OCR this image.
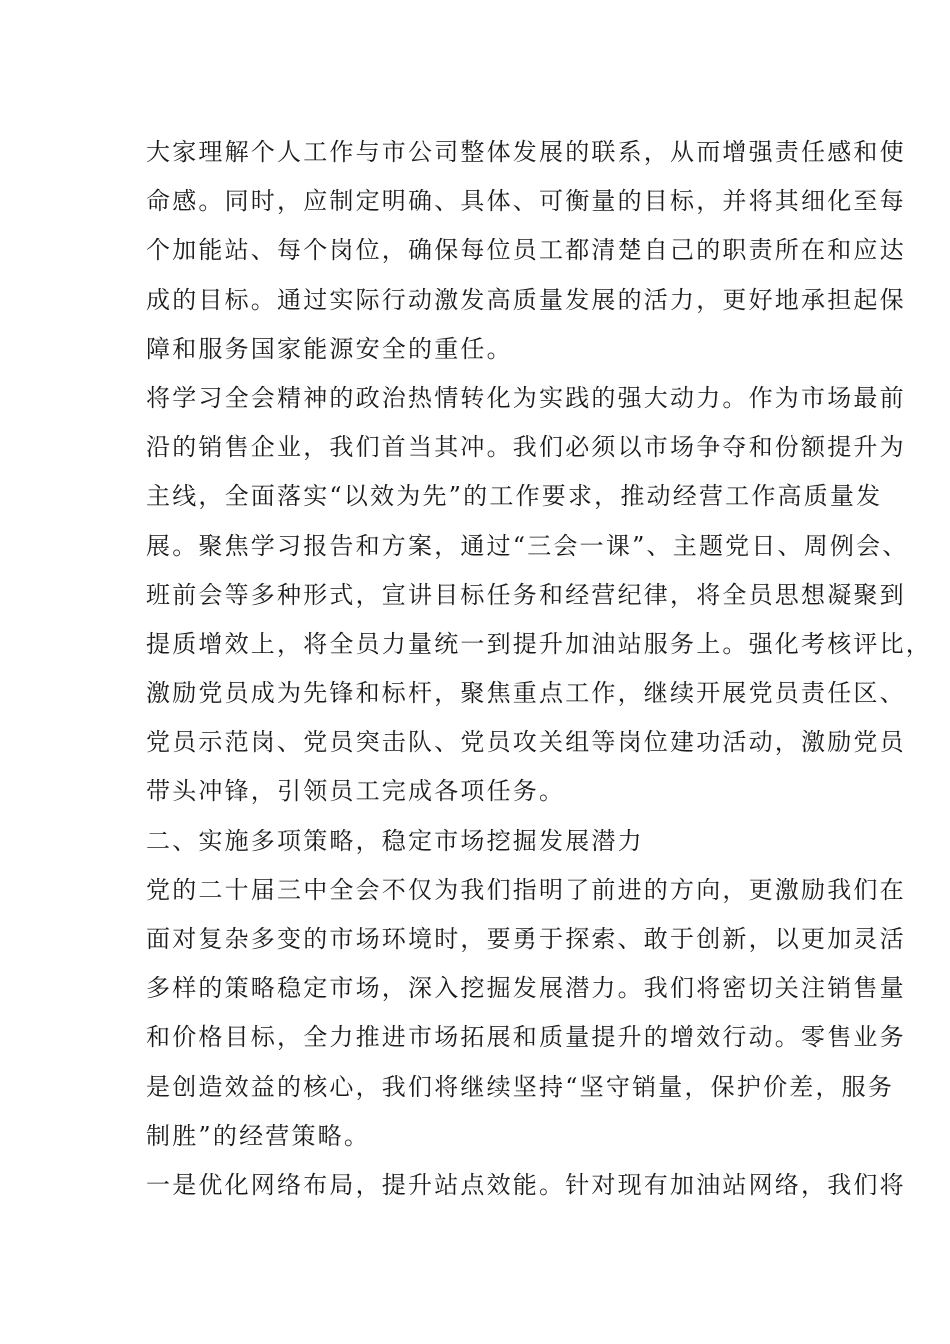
大家理解个人工作与市公司整体发展的联系，从而增强责任感和使
命感。同时，应制定明确、具体、可衡量的目标，并将其细化至每
个加能站、每个岗位，确保每位员工都清楚自己的职责所在和应达
成的目标。通过实际行动激发高质量发展的活力，更好地承担起保
障和服务国家能源安全的重任。
将学习全会精神的政治热情转化为实践的强大动力。作为市场最前
沿的销售企业，我们首当其冲。我们必须以市场争夺和份额提升为
主线，全面落实“以效为先”的工作要求，推动经营工作高质量发
展。聚焦学习报告和方案，通过“三会一课”、主题党日、周例会、
班前会等多种形式，宣讲目标任务和经营纪律，将全员思想凝聚到
提质增效上，将全员力量统一到提升加油站服务上。强化考核评比，
激励党员成为先锋和标杆，聚焦重点工作，继续开展党员责任区、
党员示范岗、党员突击队、党员攻关组等岗位建功活动，激励党员
带头冲锋，引领员工完成各项任务。
二、实施多项策略，稳定市场挖掘发展潜力
党的二十届三中全会不仅为我们指明了前进的方向，更激励我们在
面对复杂多变的市场环境时，要勇于探索、敢于创新，以更加灵活
多样的策略稳定市场，深入挖掘发展潜力。我们将密切关注销售量
和价格目标，全力推进市场拓展和质量提升的增效行动。零售业务
是创造效益的核心，我们将继续坚持“坚守销量，保护价差，服务
制胜”的经营策略。
一是优化网络布局，提升站点效能。针对现有加油站网络，我们将
